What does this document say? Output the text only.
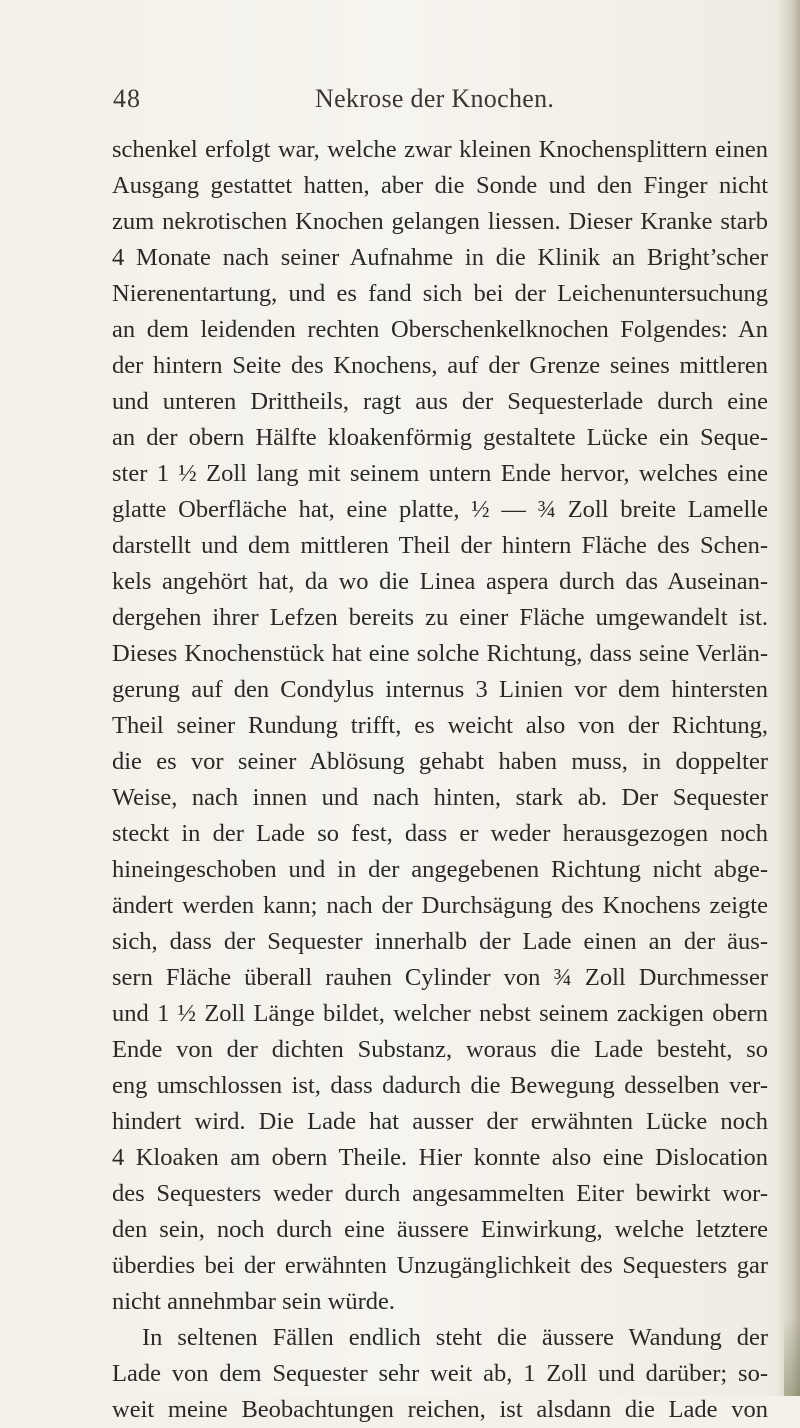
48	Nekrose der Knochen.
schenkel erfolgt war, welche zwar kleinen Knochensplittern einen
Ausgang gestattet hatten, aber die Sonde und den Finger nicht
zum nekrotischen Knochen gelangen liessen. Dieser Kranke starb
4 Monate nach seiner Aufnahme in die Klinik an Bright’scher
Nierenentartung, und es fand sich bei der Leichenuntersuchung
an dem leidenden rechten Oberschenkelknochen Folgendes: An
der hintern Seite des Knochens, auf der Grenze seines mittleren
und unteren Drittheils, ragt aus der Sequesterlade durch eine
an der obern Hälfte kloakenförmig gestaltete Lücke ein Seque-
ster 1 ½ Zoll lang mit seinem untern Ende hervor, welches eine
glatte Oberfläche hat, eine platte, ½ — ¾ Zoll breite Lamelle
darstellt und dem mittleren Theil der hintern Fläche des Schen-
kels angehört hat, da wo die Linea aspera durch das Auseinan-
dergehen ihrer Lefzen bereits zu einer Fläche umgewandelt ist.
Dieses Knochenstück hat eine solche Richtung, dass seine Verlän-
gerung auf den Condylus internus 3 Linien vor dem hintersten
Theil seiner Rundung trifft, es weicht also von der Richtung,
die es vor seiner Ablösung gehabt haben muss, in doppelter
Weise, nach innen und nach hinten, stark ab. Der Sequester
steckt in der Lade so fest, dass er weder herausgezogen noch
hineingeschoben und in der angegebenen Richtung nicht abge-
ändert werden kann; nach der Durchsägung des Knochens zeigte
sich, dass der Sequester innerhalb der Lade einen an der äus-
sern Fläche überall rauhen Cylinder von ¾ Zoll Durchmesser
und 1 ½ Zoll Länge bildet, welcher nebst seinem zackigen obern
Ende von der dichten Substanz, woraus die Lade besteht, so
eng umschlossen ist, dass dadurch die Bewegung desselben ver-
hindert wird. Die Lade hat ausser der erwähnten Lücke noch
4 Kloaken am obern Theile. Hier konnte also eine Dislocation
des Sequesters weder durch angesammelten Eiter bewirkt wor-
den sein, noch durch eine äussere Einwirkung, welche letztere
überdies bei der erwähnten Unzugänglichkeit des Sequesters gar
nicht annehmbar sein würde.
In seltenen Fällen endlich steht die äussere Wandung der
Lade von dem Sequester sehr weit ab, 1 Zoll und darüber; so-
weit meine Beobachtungen reichen, ist alsdann die Lade von
